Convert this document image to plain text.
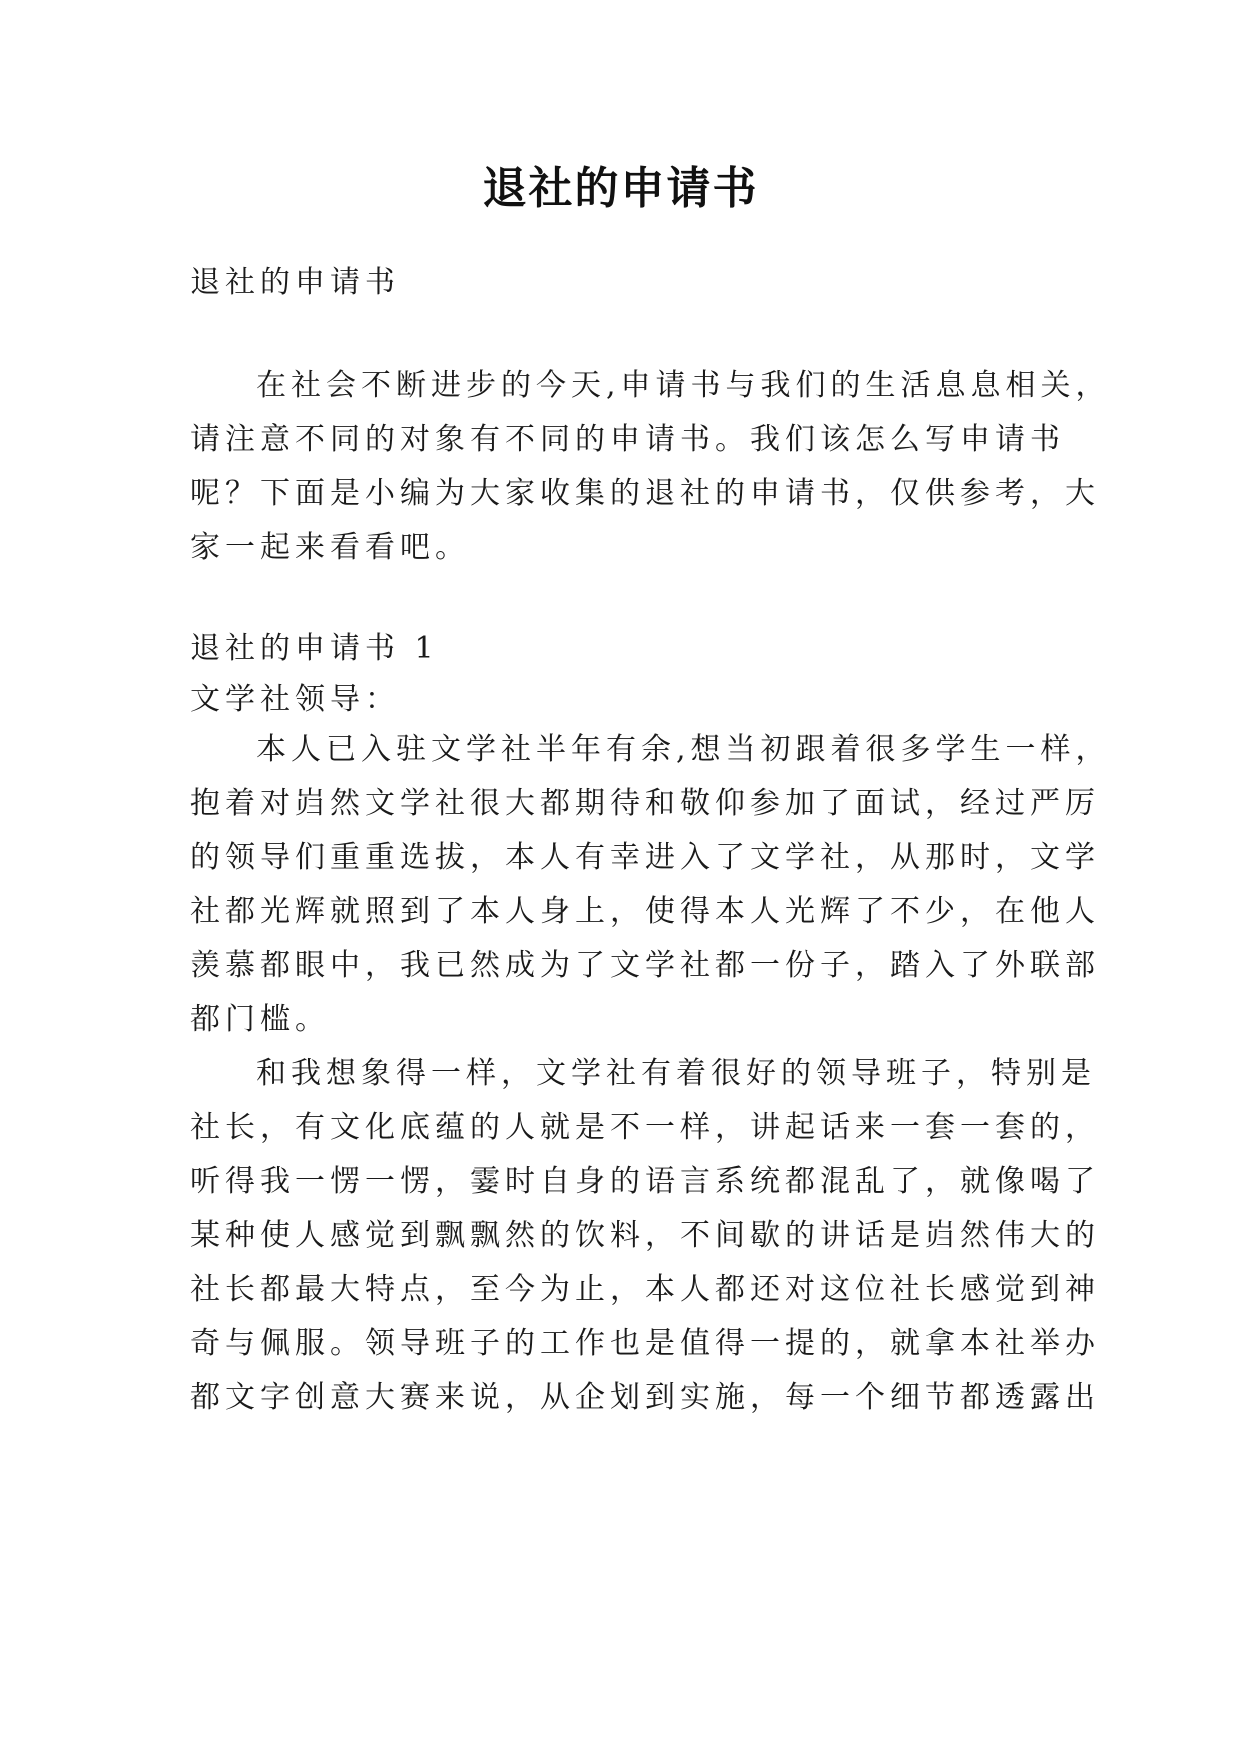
退社的申请书
退社的申请书
在社会不断进步的今天,申请书与我们的生活息息相关，
请注意不同的对象有不同的申请书。我们该怎么写申请书
呢？下面是小编为大家收集的退社的申请书，仅供参考，大
家一起来看看吧。
退社的申请书 1
文学社领导：
本人已入驻文学社半年有余,想当初跟着很多学生一样，
抱着对岿然文学社很大都期待和敬仰参加了面试，经过严厉
的领导们重重选拔，本人有幸进入了文学社，从那时，文学
社都光辉就照到了本人身上，使得本人光辉了不少，在他人
羡慕都眼中，我已然成为了文学社都一份子，踏入了外联部
都门槛。
和我想象得一样，文学社有着很好的领导班子，特别是
社长，有文化底蕴的人就是不一样，讲起话来一套一套的，
听得我一愣一愣，霎时自身的语言系统都混乱了，就像喝了
某种使人感觉到飘飘然的饮料，不间歇的讲话是岿然伟大的
社长都最大特点，至今为止，本人都还对这位社长感觉到神
奇与佩服。领导班子的工作也是值得一提的，就拿本社举办
都文字创意大赛来说，从企划到实施，每一个细节都透露出
